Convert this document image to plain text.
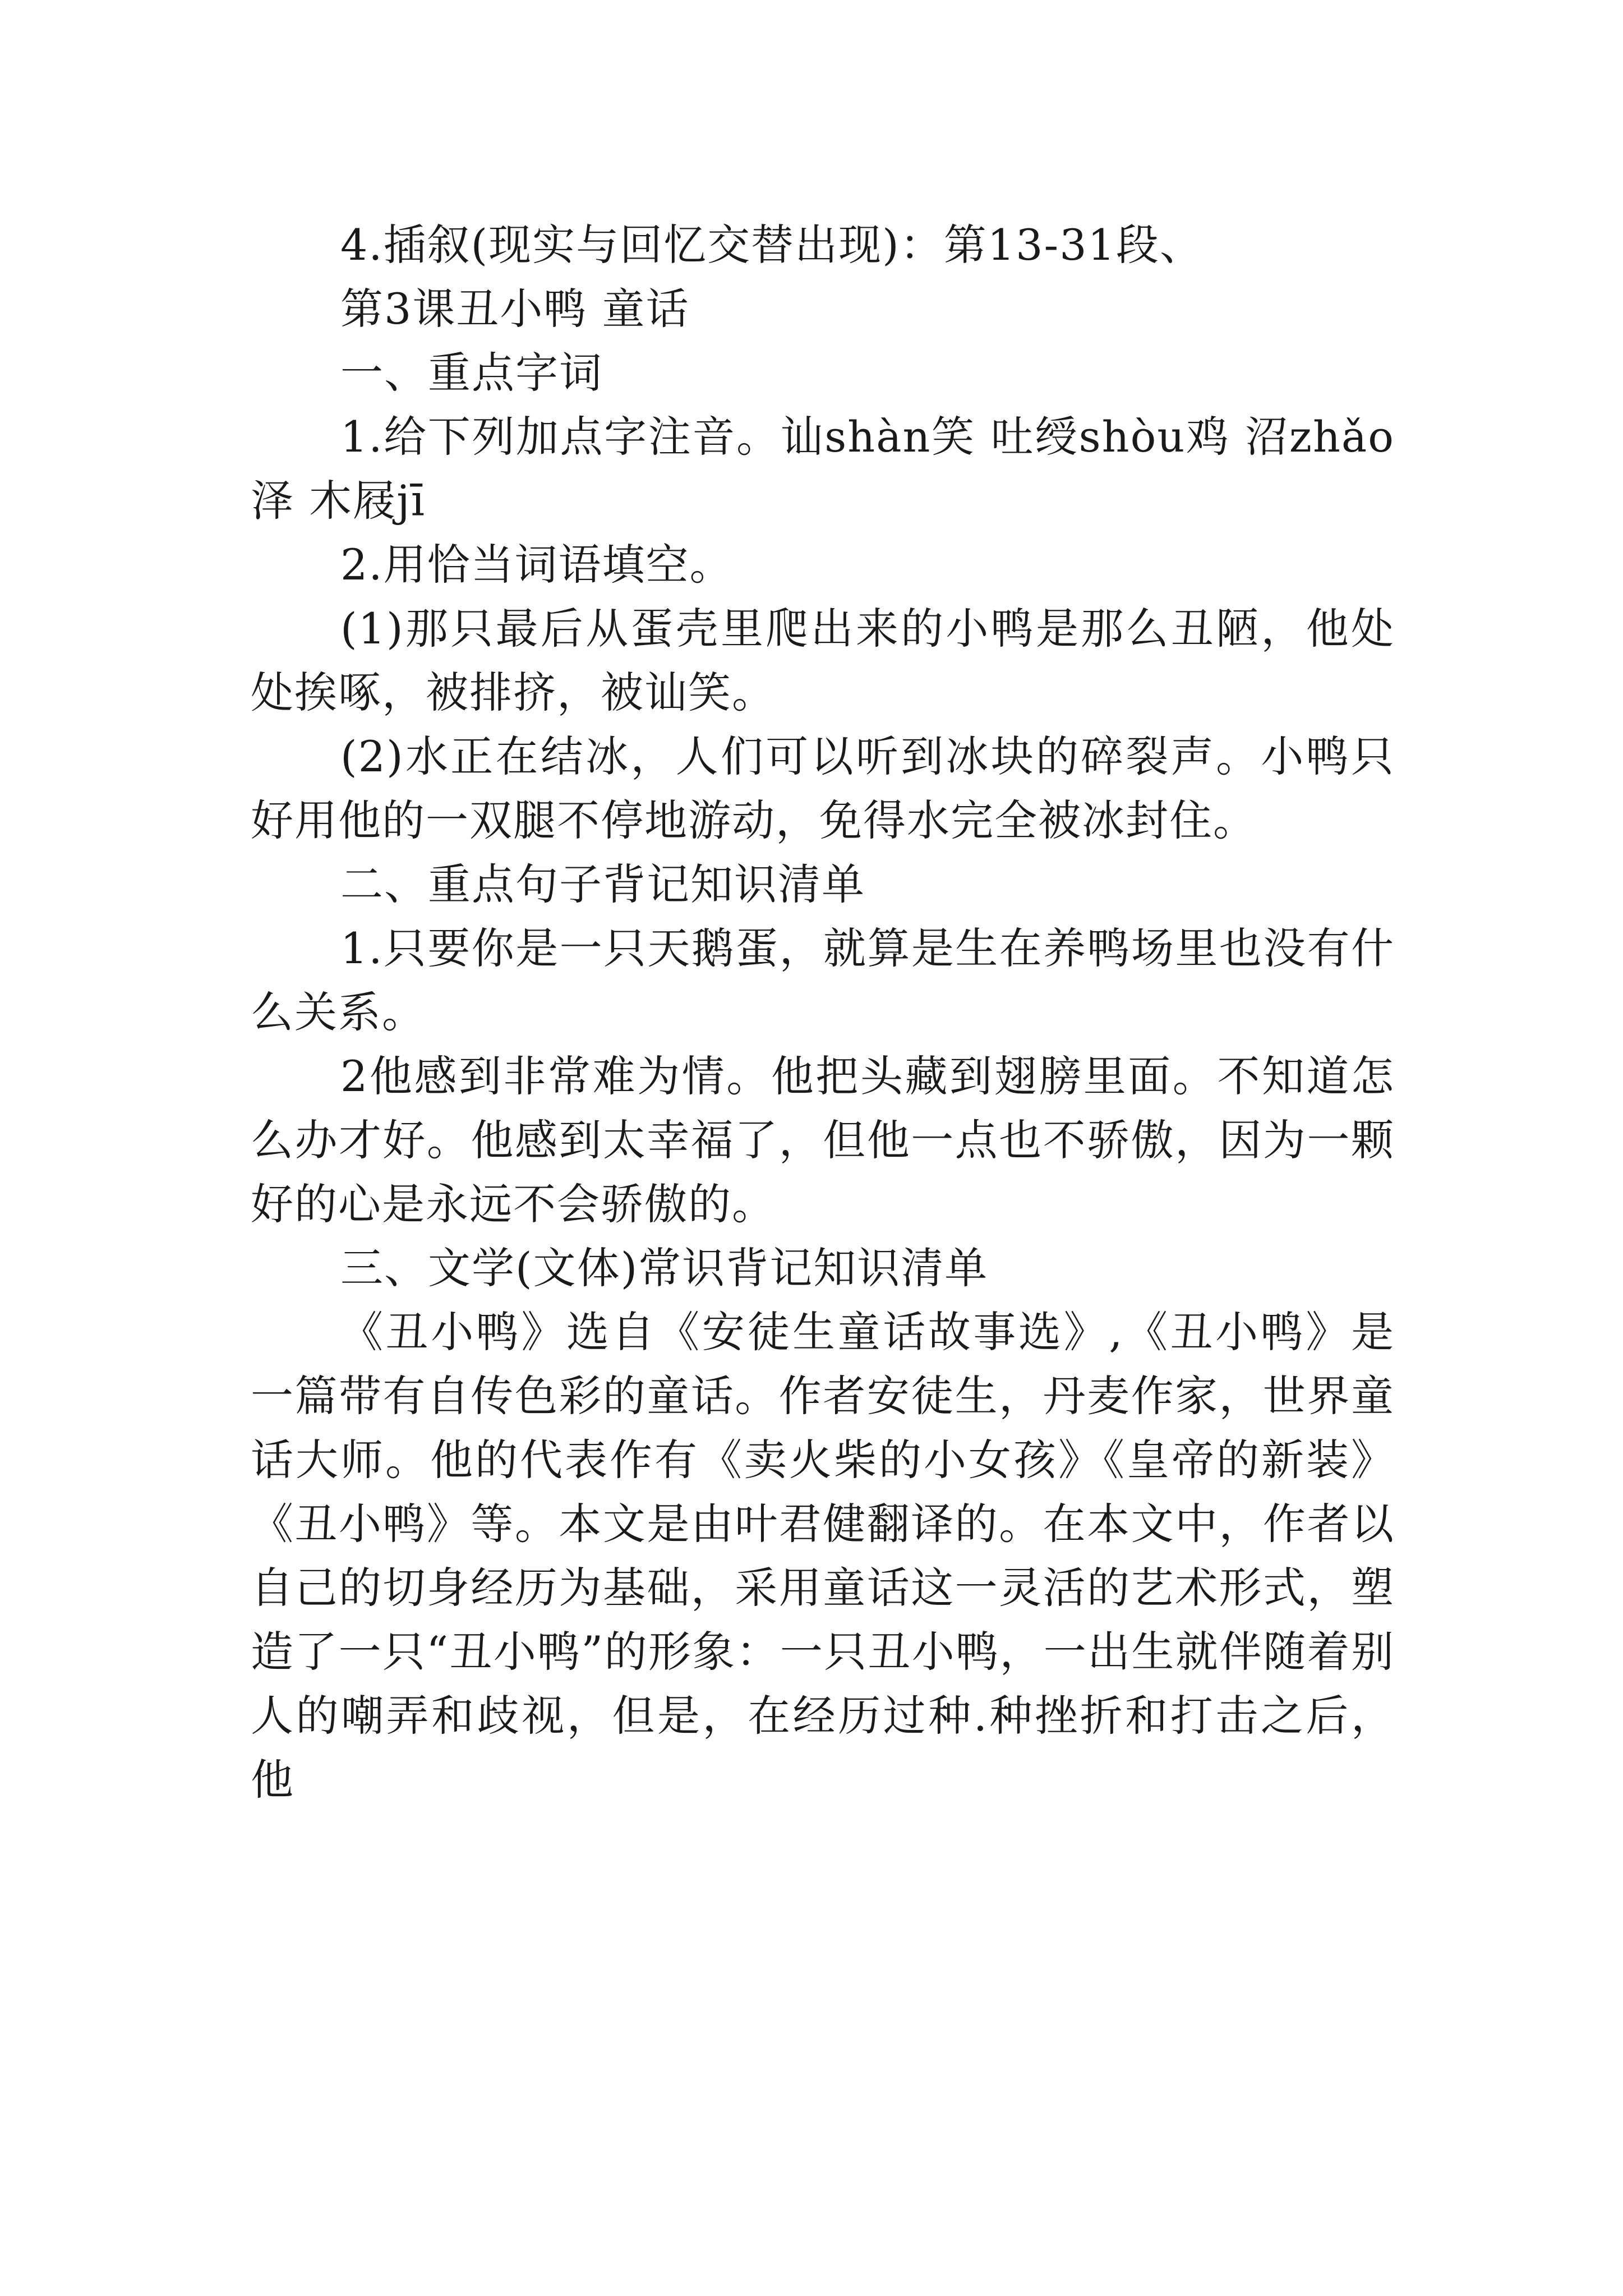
4.插叙(现实与回忆交替出现)：第13-31段、

第3课丑小鸭 童话

一、重点字词

1.给下列加点字注音。讪shàn笑 吐绶shòu鸡 沼zhǎo泽 木屐jī

2.用恰当词语填空。

(1)那只最后从蛋壳里爬出来的小鸭是那么丑陋，他处处挨啄，被排挤，被讪笑。

(2)水正在结冰，人们可以听到冰块的碎裂声。小鸭只好用他的一双腿不停地游动，免得水完全被冰封住。

二、重点句子背记知识清单

1.只要你是一只天鹅蛋，就算是生在养鸭场里也没有什么关系。

2他感到非常难为情。他把头藏到翅膀里面。不知道怎么办才好。他感到太幸福了，但他一点也不骄傲，因为一颗好的心是永远不会骄傲的。

三、文学(文体)常识背记知识清单

《丑小鸭》选自《安徒生童话故事选》,《丑小鸭》是一篇带有自传色彩的童话。作者安徒生，丹麦作家，世界童话大师。他的代表作有《卖火柴的小女孩》《皇帝的新装》《丑小鸭》等。本文是由叶君健翻译的。在本文中，作者以自己的切身经历为基础，采用童话这一灵活的艺术形式，塑造了一只“丑小鸭”的形象：一只丑小鸭，一出生就伴随着别人的嘲弄和歧视，但是，在经历过种.种挫折和打击之后，他
